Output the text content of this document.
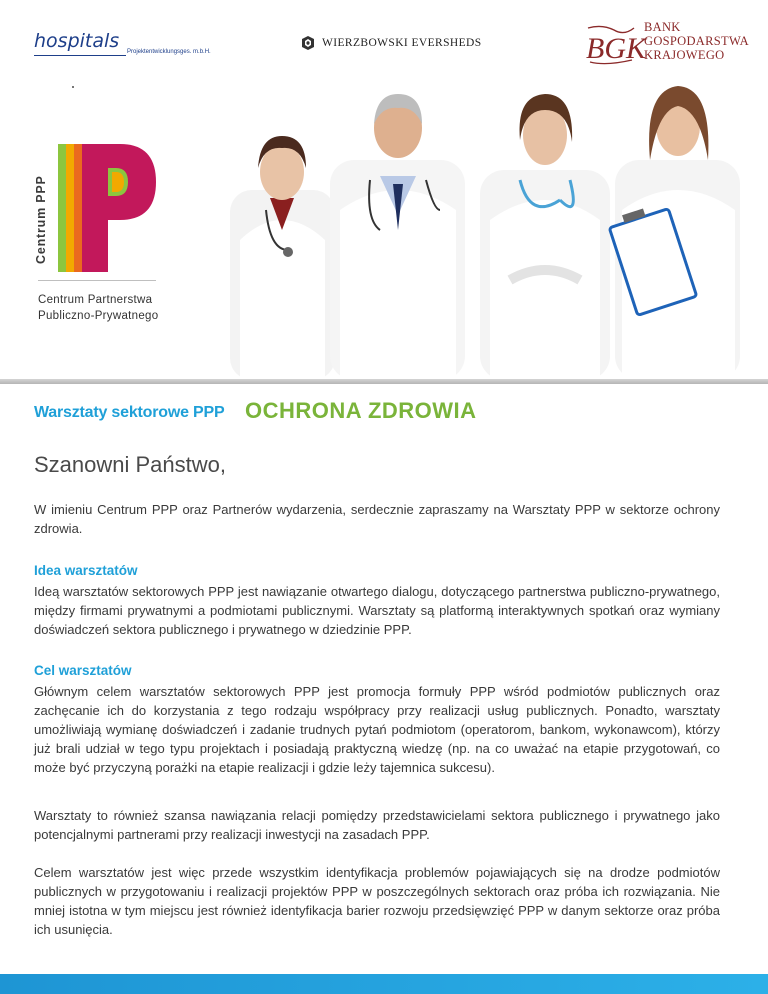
hospitals Projektentwicklungsges. m.b.H.
WIERZBOWSKI EVERSHEDS	BGK
BANK
GOSPODARSTWA
KRAJOWEGO
Centrum PPP
Centrum Partnerstwa
Publiczno-Prywatnego
Warsztaty sektorowe PPP OCHRONA ZDROWIA
Szanowni Państwo,

W imieniu Centrum PPP oraz Partnerów wydarzenia, serdecznie zapraszamy na Warsztaty PPP w sektorze ochrony zdrowia.

Idea warsztatów

Ideą warsztatów sektorowych PPP jest nawiązanie otwartego dialogu, dotyczącego partnerstwa publiczno-prywatnego, między firmami prywatnymi a podmiotami publicznymi. Warsztaty są platformą interaktywnych spotkań oraz wymiany doświadczeń sektora publicznego i prywatnego w dziedzinie PPP.

Cel warsztatów

Głównym celem warsztatów sektorowych PPP jest promocja formuły PPP wśród podmiotów publicznych oraz zachęcanie ich do korzystania z tego rodzaju współpracy przy realizacji usług publicznych. Ponadto, warsztaty umożliwiają wymianę doświadczeń i zadanie trudnych pytań podmiotom (operatorom, bankom, wykonawcom), którzy już brali udział w tego typu projektach i posiadają praktyczną wiedzę (np. na co uważać na etapie przygotowań, co może być przyczyną porażki na etapie realizacji i gdzie leży tajemnica sukcesu).

Warsztaty to również szansa nawiązania relacji pomiędzy przedstawicielami sektora publicznego i prywatnego jako potencjalnymi partnerami przy realizacji inwestycji na zasadach PPP.

Celem warsztatów jest więc przede wszystkim identyfikacja problemów pojawiających się na drodze podmiotów publicznych w przygotowaniu i realizacji projektów PPP w poszczególnych sektorach oraz próba ich rozwiązania. Nie mniej istotna w tym miejscu jest również identyfikacja barier rozwoju przedsięwzięć PPP w danym sektorze oraz próba ich usunięcia.
